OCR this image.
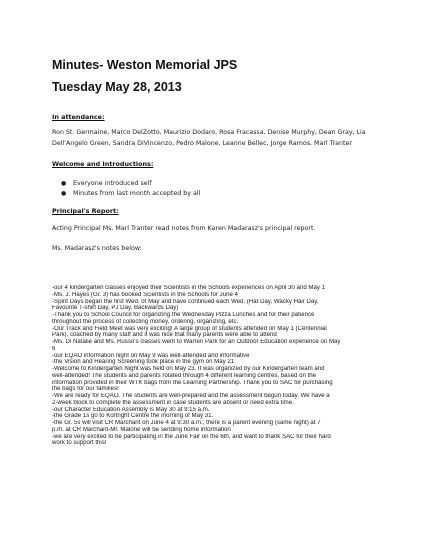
Minutes- Weston Memorial JPS
Tuesday May 28, 2013
In attendance:
Ron St. Germaine, Marco DelZotto, Maurizio Dodaro, Rosa Fracassa, Denise Murphy, Dean Gray, Lia Dell'Angelo Green, Sandra DiVincenzo, Pedro Malone, Leanne Bellec, Jorge Ramos, Marl Tranter
Welcome and Introductions:
●	Everyone introduced self
●	Minutes from last month accepted by all
Principal's Report:
Acting Principal Ms. Marl Tranter read notes from Karen Madarasz's principal report.
Ms. Madarasz's notes below:
-our 4 kindergarten classes enjoyed their Scientists in the Schools experiences on April 30 and May 1
-Ms. J. Hayes (Gr. 3) has booked Scientists in the Schools for June 4
-Spirit Days began the first Wed. of May and have continued each Wed. (Hat Day, Wacky Hair Day,
Favourite T-shirt Day, PJ Day, Backwards Day)
-Thank you to School Council for organizing the Wednesday Pizza Lunches and for their patience
throughout the process of collecting money, ordering, organizing, etc.
-Our Track and Field Meet was very exciting! A large group of students attended on May 1 (Centennial
Park), coached by many staff and it was nice that many parents were able to attend
-Ms. Di Natalie and Ms. Russo's classes went to Warren Park for an Outdoor Education experience on May
6
-our EQAO information night on May 9 was well-attended and informative
-the Vision and Hearing Screening took place in the gym on May 21
-Welcome to Kindergarten Night was held on May 23. It was organized by our Kindergarten team and
well-attended! The students and parents rotated through 4 different learning centres, based on the
information provided in their WTK bags from the Learning Partnership. Thank you to SAC for purchasing
the bags for our families!
-We are ready for EQAO. The students are well-prepared and the assessment begun today. We have a
2-week block to complete the assessment in case students are absent or need extra time.
-our Character Education Assembly is May 30 at 9:15 a.m.
-the Grade 1s go to Kortright Centre the morning of May 31.
-the Gr. 5s will visit CR Marchant on June 4 at 9:30 a.m.; there is a parent evening (same night) at 7
p.m. at CR Marchant-Mr. Malone will be sending home information
-we are very excited to be participating in the June Fair on the 6th, and want to thank SAC for their hard
work to support this!
